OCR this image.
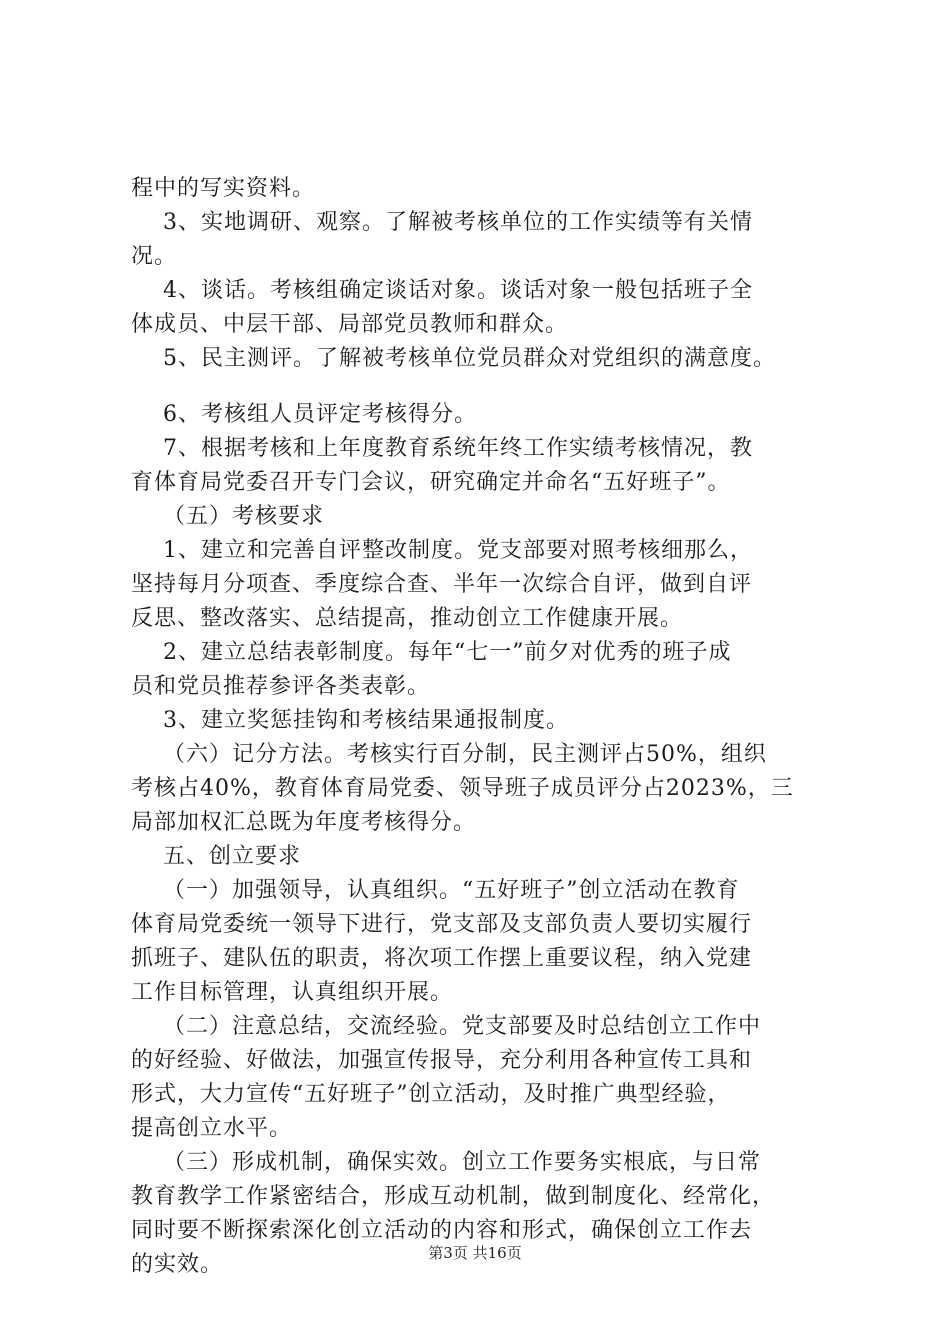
程中的写实资料。
3、实地调研、观察。了解被考核单位的工作实绩等有关情
况。
4、谈话。考核组确定谈话对象。谈话对象一般包括班子全
体成员、中层干部、局部党员教师和群众。
5、民主测评。了解被考核单位党员群众对党组织的满意度。
6、考核组人员评定考核得分。
7、根据考核和上年度教育系统年终工作实绩考核情况，教
育体育局党委召开专门会议，研究确定并命名“五好班子”。
（五）考核要求
1、建立和完善自评整改制度。党支部要对照考核细那么，
坚持每月分项查、季度综合查、半年一次综合自评，做到自评
反思、整改落实、总结提高，推动创立工作健康开展。
2、建立总结表彰制度。每年“七一”前夕对优秀的班子成
员和党员推荐参评各类表彰。
3、建立奖惩挂钩和考核结果通报制度。
（六）记分方法。考核实行百分制，民主测评占50%，组织
考核占40%，教育体育局党委、领导班子成员评分占2023%，三
局部加权汇总既为年度考核得分。
五、创立要求
（一）加强领导，认真组织。“五好班子”创立活动在教育
体育局党委统一领导下进行，党支部及支部负责人要切实履行
抓班子、建队伍的职责，将次项工作摆上重要议程，纳入党建
工作目标管理，认真组织开展。
（二）注意总结，交流经验。党支部要及时总结创立工作中
的好经验、好做法，加强宣传报导，充分利用各种宣传工具和
形式，大力宣传“五好班子”创立活动，及时推广典型经验，
提高创立水平。
（三）形成机制，确保实效。创立工作要务实根底，与日常
教育教学工作紧密结合，形成互动机制，做到制度化、经常化，
同时要不断探索深化创立活动的内容和形式，确保创立工作去
的实效。	第3页 共16页
